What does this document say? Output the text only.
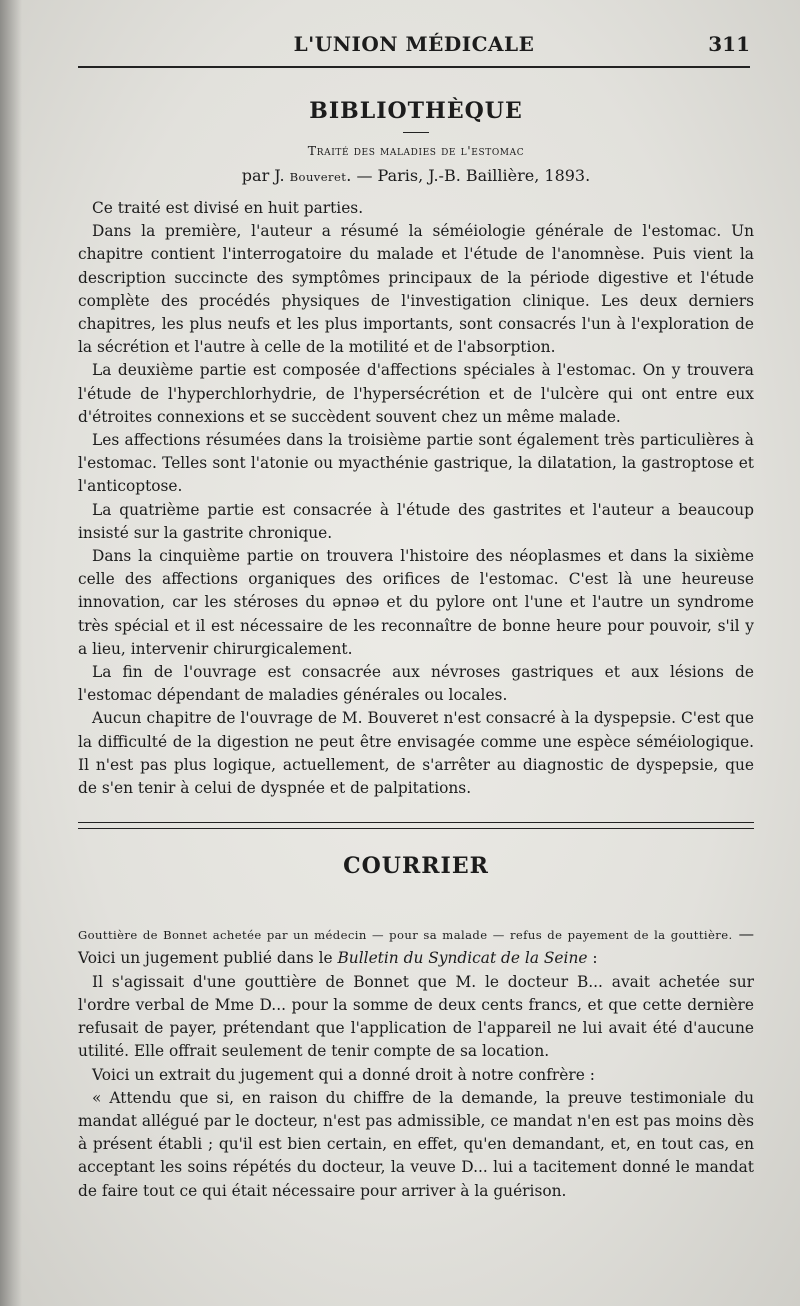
L'UNION MÉDICALE	311
BIBLIOTHÈQUE

Traité des maladies de l'estomac

par J. Bouveret. — Paris, J.-B. Baillière, 1893.

Ce traité est divisé en huit parties.

Dans la première, l'auteur a résumé la séméiologie générale de l'estomac. Un chapitre contient l'interrogatoire du malade et l'étude de l'anomnèse. Puis vient la description succincte des symptômes principaux de la période digestive et l'étude complète des procédés physiques de l'investigation clinique. Les deux derniers chapitres, les plus neufs et les plus importants, sont consacrés l'un à l'exploration de la sécrétion et l'autre à celle de la motilité et de l'absorption.

La deuxième partie est composée d'affections spéciales à l'estomac. On y trouvera l'étude de l'hyperchlorhydrie, de l'hypersécrétion et de l'ulcère qui ont entre eux d'étroites connexions et se succèdent souvent chez un même malade.

Les affections résumées dans la troisième partie sont également très particulières à l'estomac. Telles sont l'atonie ou myacthénie gastrique, la dilatation, la gastroptose et l'anticoptose.

La quatrième partie est consacrée à l'étude des gastrites et l'auteur a beaucoup insisté sur la gastrite chronique.

Dans la cinquième partie on trouvera l'histoire des néoplasmes et dans la sixième celle des affections organiques des orifices de l'estomac. C'est là une heureuse innovation, car les stéroses du əpnəə et du pylore ont l'une et l'autre un syndrome très spécial et il est nécessaire de les reconnaître de bonne heure pour pouvoir, s'il y a lieu, intervenir chirurgicalement.

La fin de l'ouvrage est consacrée aux névroses gastriques et aux lésions de l'estomac dépendant de maladies générales ou locales.

Aucun chapitre de l'ouvrage de M. Bouveret n'est consacré à la dyspepsie. C'est que la difficulté de la digestion ne peut être envisagée comme une espèce séméiologique. Il n'est pas plus logique, actuellement, de s'arrêter au diagnostic de dyspepsie, que de s'en tenir à celui de dyspnée et de palpitations.

COURRIER

Gouttière de Bonnet achetée par un médecin — pour sa malade — refus de payement de la gouttière. — Voici un jugement publié dans le Bulletin du Syndicat de la Seine :

Il s'agissait d'une gouttière de Bonnet que M. le docteur B... avait achetée sur l'ordre verbal de Mme D... pour la somme de deux cents francs, et que cette dernière refusait de payer, prétendant que l'application de l'appareil ne lui avait été d'aucune utilité. Elle offrait seulement de tenir compte de sa location.

Voici un extrait du jugement qui a donné droit à notre confrère :

« Attendu que si, en raison du chiffre de la demande, la preuve testimoniale du mandat allégué par le docteur, n'est pas admissible, ce mandat n'en est pas moins dès à présent établi ; qu'il est bien certain, en effet, qu'en demandant, et, en tout cas, en acceptant les soins répétés du docteur, la veuve D... lui a tacitement donné le mandat de faire tout ce qui était nécessaire pour arriver à la guérison.
